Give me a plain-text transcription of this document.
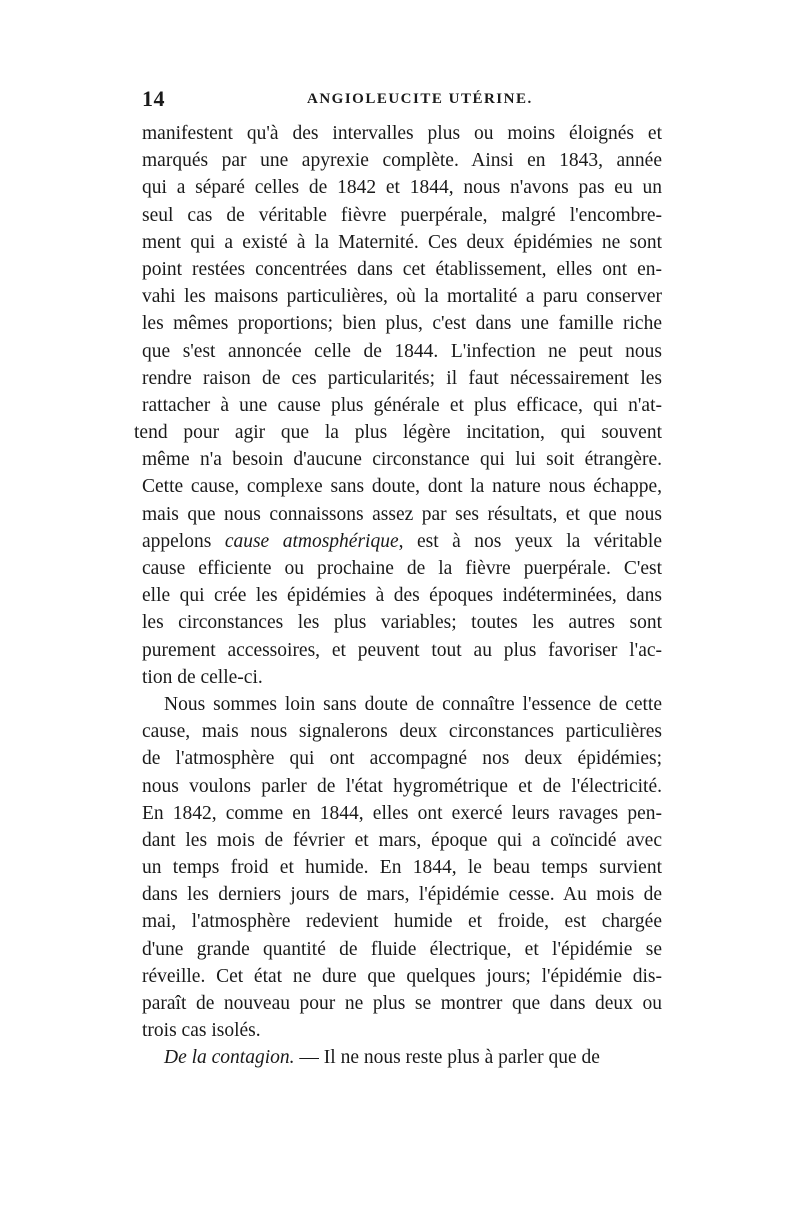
14	ANGIOLEUCITE UTÉRINE.
manifestent qu'à des intervalles plus ou moins éloignés et
marqués par une apyrexie complète. Ainsi en 1843, année
qui a séparé celles de 1842 et 1844, nous n'avons pas eu un
seul cas de véritable fièvre puerpérale, malgré l'encombre-
ment qui a existé à la Maternité. Ces deux épidémies ne sont
point restées concentrées dans cet établissement, elles ont en-
vahi les maisons particulières, où la mortalité a paru conserver
les mêmes proportions; bien plus, c'est dans une famille riche
que s'est annoncée celle de 1844. L'infection ne peut nous
rendre raison de ces particularités; il faut nécessairement les
rattacher à une cause plus générale et plus efficace, qui n'at-
tend pour agir que la plus légère incitation, qui souvent
même n'a besoin d'aucune circonstance qui lui soit étrangère.
Cette cause, complexe sans doute, dont la nature nous échappe,
mais que nous connaissons assez par ses résultats, et que nous
appelons cause atmosphérique, est à nos yeux la véritable
cause efficiente ou prochaine de la fièvre puerpérale. C'est
elle qui crée les épidémies à des époques indéterminées, dans
les circonstances les plus variables; toutes les autres sont
purement accessoires, et peuvent tout au plus favoriser l'ac-
tion de celle-ci.
Nous sommes loin sans doute de connaître l'essence de cette
cause, mais nous signalerons deux circonstances particulières
de l'atmosphère qui ont accompagné nos deux épidémies;
nous voulons parler de l'état hygrométrique et de l'électricité.
En 1842, comme en 1844, elles ont exercé leurs ravages pen-
dant les mois de février et mars, époque qui a coïncidé avec
un temps froid et humide. En 1844, le beau temps survient
dans les derniers jours de mars, l'épidémie cesse. Au mois de
mai, l'atmosphère redevient humide et froide, est chargée
d'une grande quantité de fluide électrique, et l'épidémie se
réveille. Cet état ne dure que quelques jours; l'épidémie dis-
paraît de nouveau pour ne plus se montrer que dans deux ou
trois cas isolés.
De la contagion. — Il ne nous reste plus à parler que de
